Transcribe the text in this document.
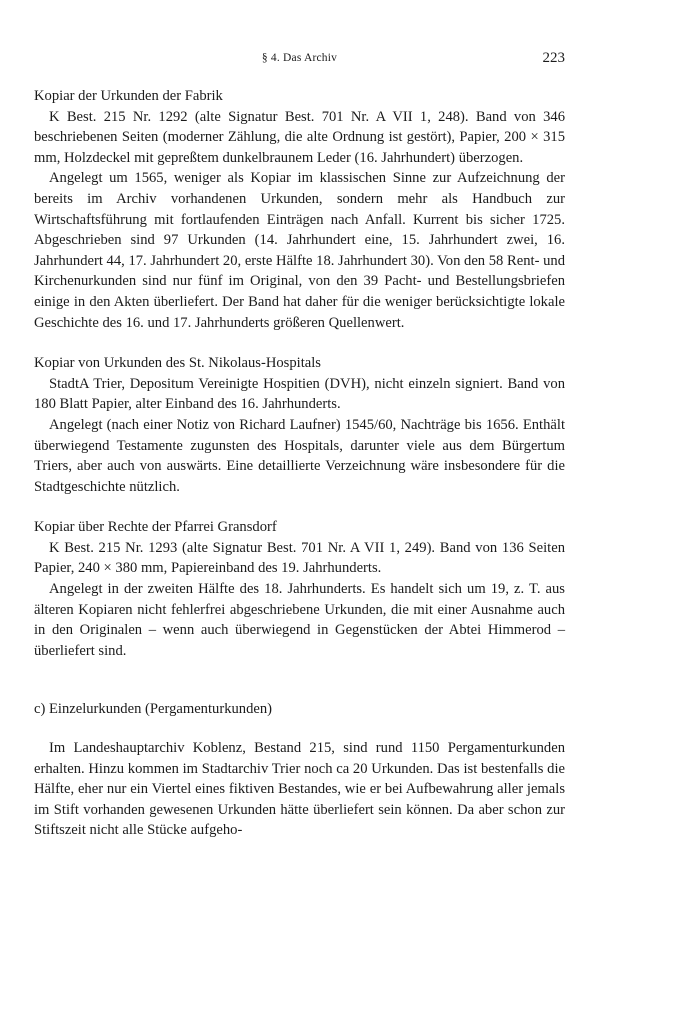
§ 4. Das Archiv	223

Kopiar der Urkunden der Fabrik

K Best. 215 Nr. 1292 (alte Signatur Best. 701 Nr. A VII 1, 248). Band von 346 beschriebenen Seiten (moderner Zählung, die alte Ordnung ist gestört), Papier, 200 × 315 mm, Holzdeckel mit gepreßtem dunkelbraunem Leder (16. Jahrhundert) überzogen.

Angelegt um 1565, weniger als Kopiar im klassischen Sinne zur Aufzeichnung der bereits im Archiv vorhandenen Urkunden, sondern mehr als Handbuch zur Wirtschaftsführung mit fortlaufenden Einträgen nach Anfall. Kurrent bis sicher 1725. Abgeschrieben sind 97 Urkunden (14. Jahrhundert eine, 15. Jahrhundert zwei, 16. Jahrhundert 44, 17. Jahrhundert 20, erste Hälfte 18. Jahrhundert 30). Von den 58 Rent- und Kirchenurkunden sind nur fünf im Original, von den 39 Pacht- und Bestellungsbriefen einige in den Akten überliefert. Der Band hat daher für die weniger berücksichtigte lokale Geschichte des 16. und 17. Jahrhunderts größeren Quellenwert.

Kopiar von Urkunden des St. Nikolaus-Hospitals

StadtA Trier, Depositum Vereinigte Hospitien (DVH), nicht einzeln signiert. Band von 180 Blatt Papier, alter Einband des 16. Jahrhunderts.

Angelegt (nach einer Notiz von Richard Laufner) 1545/60, Nachträge bis 1656. Enthält überwiegend Testamente zugunsten des Hospitals, darunter viele aus dem Bürgertum Triers, aber auch von auswärts. Eine detaillierte Verzeichnung wäre insbesondere für die Stadtgeschichte nützlich.

Kopiar über Rechte der Pfarrei Gransdorf

K Best. 215 Nr. 1293 (alte Signatur Best. 701 Nr. A VII 1, 249). Band von 136 Seiten Papier, 240 × 380 mm, Papiereinband des 19. Jahrhunderts.

Angelegt in der zweiten Hälfte des 18. Jahrhunderts. Es handelt sich um 19, z. T. aus älteren Kopiaren nicht fehlerfrei abgeschriebene Urkunden, die mit einer Ausnahme auch in den Originalen – wenn auch überwiegend in Gegenstücken der Abtei Himmerod – überliefert sind.

c) Einzelurkunden (Pergamenturkunden)

Im Landeshauptarchiv Koblenz, Bestand 215, sind rund 1150 Pergamenturkunden erhalten. Hinzu kommen im Stadtarchiv Trier noch ca 20 Urkunden. Das ist bestenfalls die Hälfte, eher nur ein Viertel eines fiktiven Bestandes, wie er bei Aufbewahrung aller jemals im Stift vorhanden gewesenen Urkunden hätte überliefert sein können. Da aber schon zur Stiftszeit nicht alle Stücke aufgeho-
